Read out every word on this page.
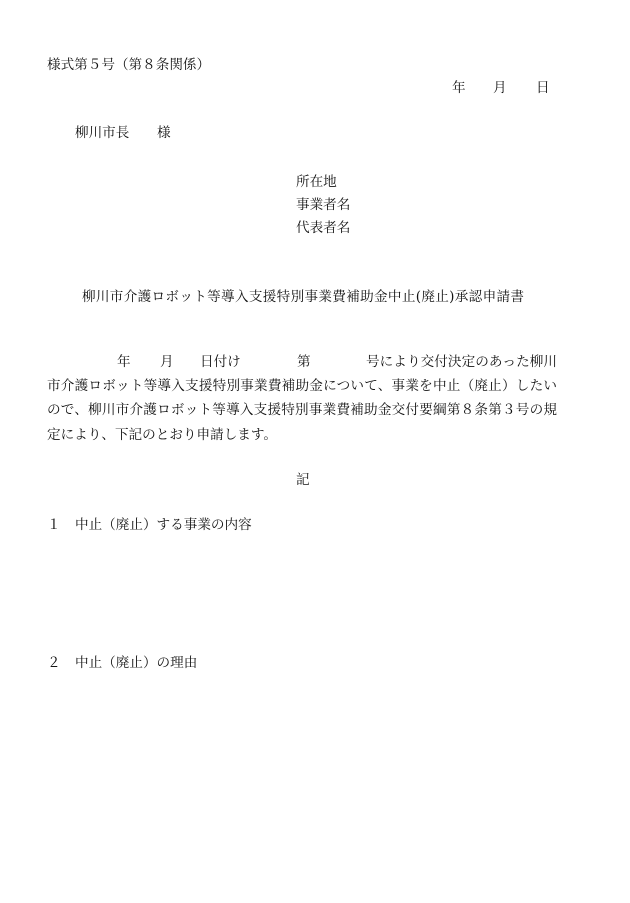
様式第５号（第８条関係）
年 月 日
柳川市長 様
所在地
事業者名
代表者名
柳川市介護ロボット等導入支援特別事業費補助金中止(廃止)承認申請書
年 月 日付け	第	号により交付決定のあった柳川
市介護ロボット等導入支援特別事業費補助金について、事業を中止（廃止）したい
ので、柳川市介護ロボット等導入支援特別事業費補助金交付要綱第８条第３号の規
定により、下記のとおり申請します。
記
１ 中止（廃止）する事業の内容
２ 中止（廃止）の理由
